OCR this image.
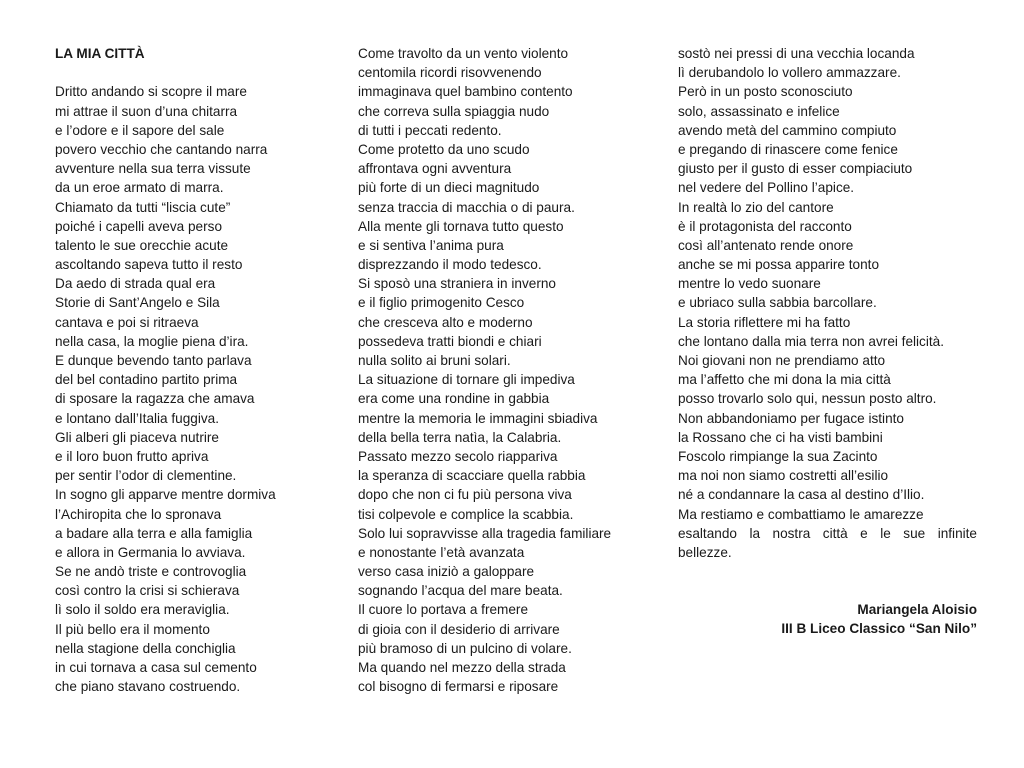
LA MIA CITTÀ
Dritto andando si scopre il mare
mi attrae il suon d’una chitarra
e l’odore e il sapore del sale
povero vecchio che cantando narra
avventure nella sua terra vissute
da un eroe armato di marra.
Chiamato da tutti “liscia cute”
poiché i capelli aveva perso
talento le sue orecchie acute
ascoltando sapeva tutto il resto
Da aedo di strada qual era
Storie di Sant’Angelo e Sila
cantava e poi si ritraeva
nella casa, la moglie piena d’ira.
E dunque bevendo tanto parlava
del bel contadino partito prima
di sposare la ragazza che amava
e lontano dall’Italia fuggiva.
Gli alberi gli piaceva nutrire
e il loro buon frutto apriva
per sentir l’odor di clementine.
In sogno gli apparve mentre dormiva
l’Achiropita che lo spronava
a badare alla terra e alla famiglia
e allora in Germania lo avviava.
Se ne andò triste e controvoglia
così contro la crisi si schierava
lì solo il soldo era meraviglia.
Il più bello era il momento
nella stagione della conchiglia
in cui tornava a casa sul cemento
che piano stavano costruendo.
Come travolto da un vento violento
centomila ricordi risovvenendo
immaginava quel bambino contento
che correva sulla spiaggia nudo
di tutti i peccati redento.
Come protetto da uno scudo
affrontava ogni avventura
più forte di un dieci magnitudo
senza traccia di macchia o di paura.
Alla mente gli tornava tutto questo
e si sentiva l’anima pura
disprezzando il modo tedesco.
Si sposò una straniera in inverno
e il figlio primogenito Cesco
che cresceva alto e moderno
possedeva tratti biondi e chiari
nulla solito ai bruni solari.
La situazione di tornare gli impediva
era come una rondine in gabbia
mentre la memoria le immagini sbiadiva
della bella terra natìa, la Calabria.
Passato mezzo secolo riappariva
la speranza di scacciare quella rabbia
dopo che non ci fu più persona viva
tisi colpevole e complice la scabbia.
Solo lui sopravvisse alla tragedia familiare
e nonostante l’età avanzata
verso casa iniziò a galoppare
sognando l’acqua del mare beata.
Il cuore lo portava a fremere
di gioia con il desiderio di arrivare
più bramoso di un pulcino di volare.
Ma quando nel mezzo della strada
col bisogno di fermarsi e riposare
sostò nei pressi di una vecchia locanda
lì derubandolo lo vollero ammazzare.
Però in un posto sconosciuto
solo, assassinato e infelice
avendo metà del cammino compiuto
e pregando di rinascere come fenice
giusto per il gusto di esser compiaciuto
nel vedere del Pollino l’apice.
In realtà lo zio del cantore
è il protagonista del racconto
così all’antenato rende onore
anche se mi possa apparire tonto
mentre lo vedo suonare
e ubriaco sulla sabbia barcollare.
La storia riflettere mi ha fatto
che lontano dalla mia terra non avrei felicità.
Noi giovani non ne prendiamo atto
ma l’affetto che mi dona la mia città
posso trovarlo solo qui, nessun posto altro.
Non abbandoniamo per fugace istinto
la Rossano che ci ha visti bambini
Foscolo rimpiange la sua Zacinto
ma noi non siamo costretti all’esilio
né a condannare la casa al destino d’Ilio.
Ma restiamo e combattiamo le amarezze
esaltando la nostra città e le sue infinite
bellezze.
Mariangela Aloisio
III B Liceo Classico “San Nilo”
